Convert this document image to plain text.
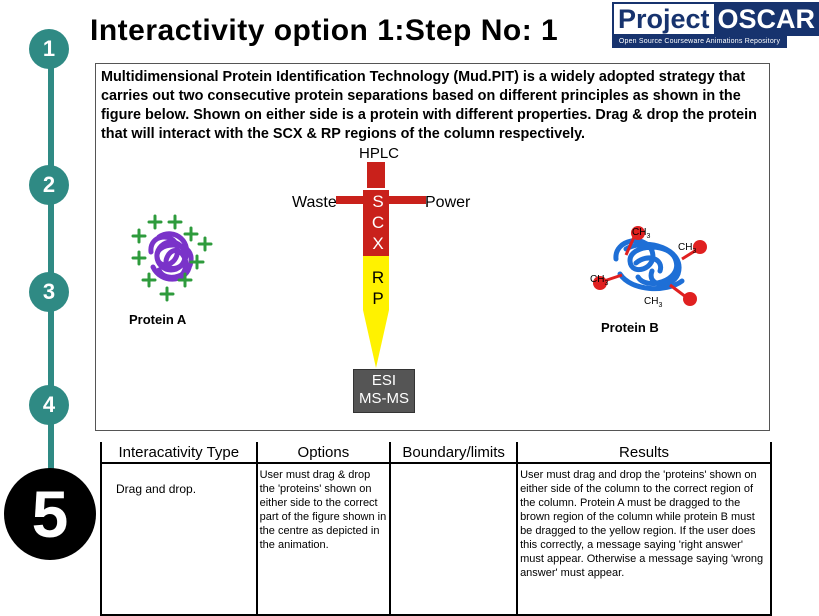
1
2
3
4
5
Interactivity option 1:Step No: 1 Project OSCAR
Open Source Courseware Animations Repository
Multidimensional Protein Identification Technology (Mud.PIT) is a widely adopted strategy that carries out two consecutive protein separations based on different principles as shown in the figure below. Shown on either side is a protein with different properties. Drag & drop the protein that will interact with the SCX & RP regions of the column respectively.
HPLC
Waste	Power
S
C
X
R
P
ESI
MS-MS
Protein A
$CH_3$
$CH_3$
$CH_3$
$CH_3$
Protein B
Interacativity Type	Options	Boundary/limits	Results
Drag and drop.	User must drag & drop the 'proteins' shown on either side to the correct part of the figure shown in the centre as depicted in the animation.		User must drag and drop the 'proteins' shown on either side of the column to the correct region of the column. Protein A must be dragged to the brown region of the column while protein B must be dragged to the yellow region. If the user does this correctly, a message saying 'right answer' must appear. Otherwise a message saying 'wrong answer' must appear.
